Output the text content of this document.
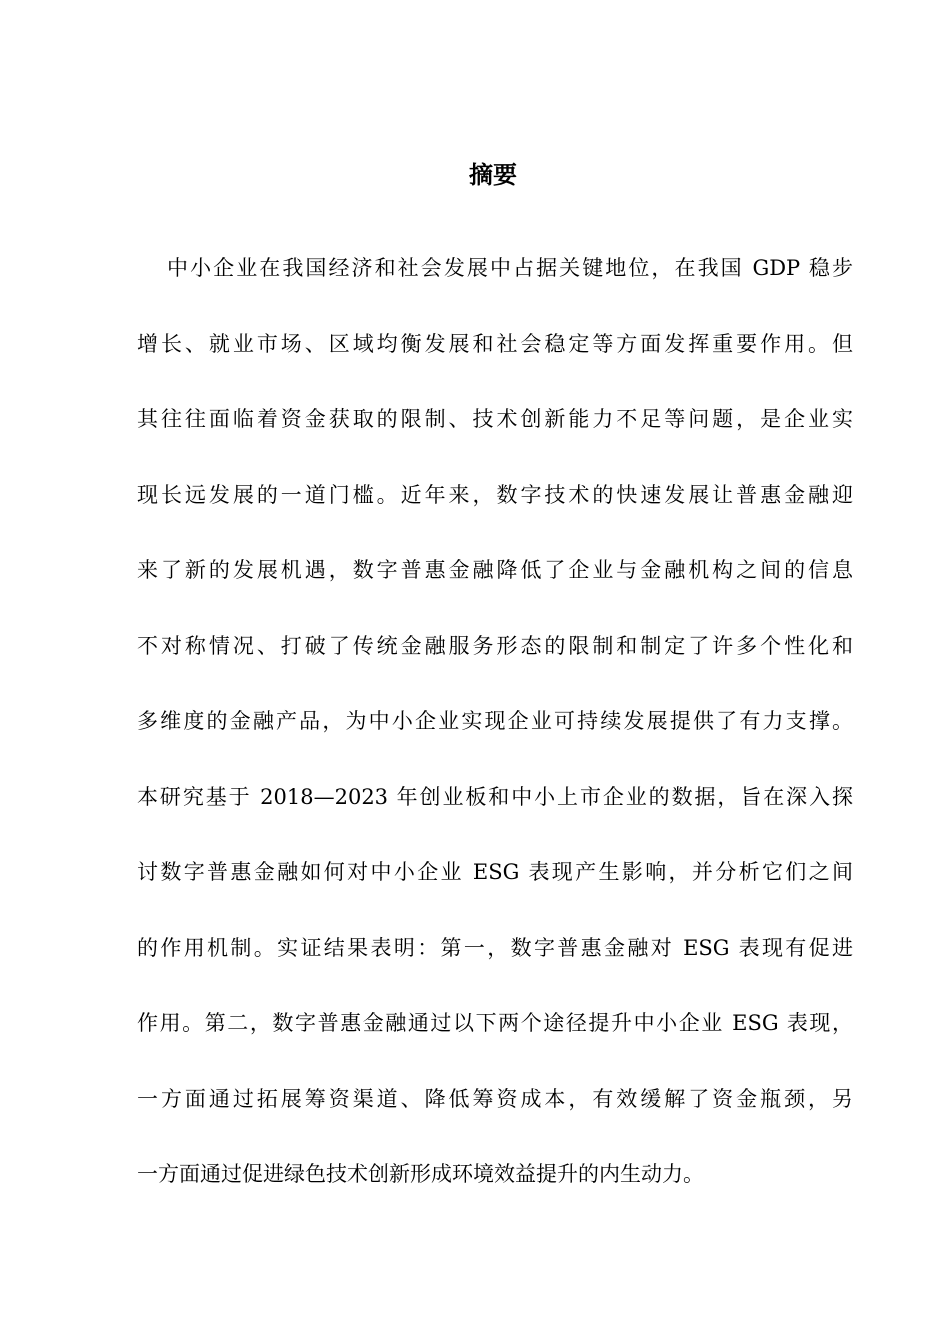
摘要
中小企业在我国经济和社会发展中占据关键地位，在我国 GDP 稳步
增长、就业市场、区域均衡发展和社会稳定等方面发挥重要作用。但
其往往面临着资金获取的限制、技术创新能力不足等问题，是企业实
现长远发展的一道门槛。近年来，数字技术的快速发展让普惠金融迎
来了新的发展机遇，数字普惠金融降低了企业与金融机构之间的信息
不对称情况、打破了传统金融服务形态的限制和制定了许多个性化和
多维度的金融产品，为中小企业实现企业可持续发展提供了有力支撑。
本研究基于 2018—2023 年创业板和中小上市企业的数据，旨在深入探
讨数字普惠金融如何对中小企业 ESG 表现产生影响，并分析它们之间
的作用机制。实证结果表明：第一，数字普惠金融对 ESG 表现有促进
作用。第二，数字普惠金融通过以下两个途径提升中小企业 ESG 表现，
一方面通过拓展筹资渠道、降低筹资成本，有效缓解了资金瓶颈，另
一方面通过促进绿色技术创新形成环境效益提升的内生动力。
